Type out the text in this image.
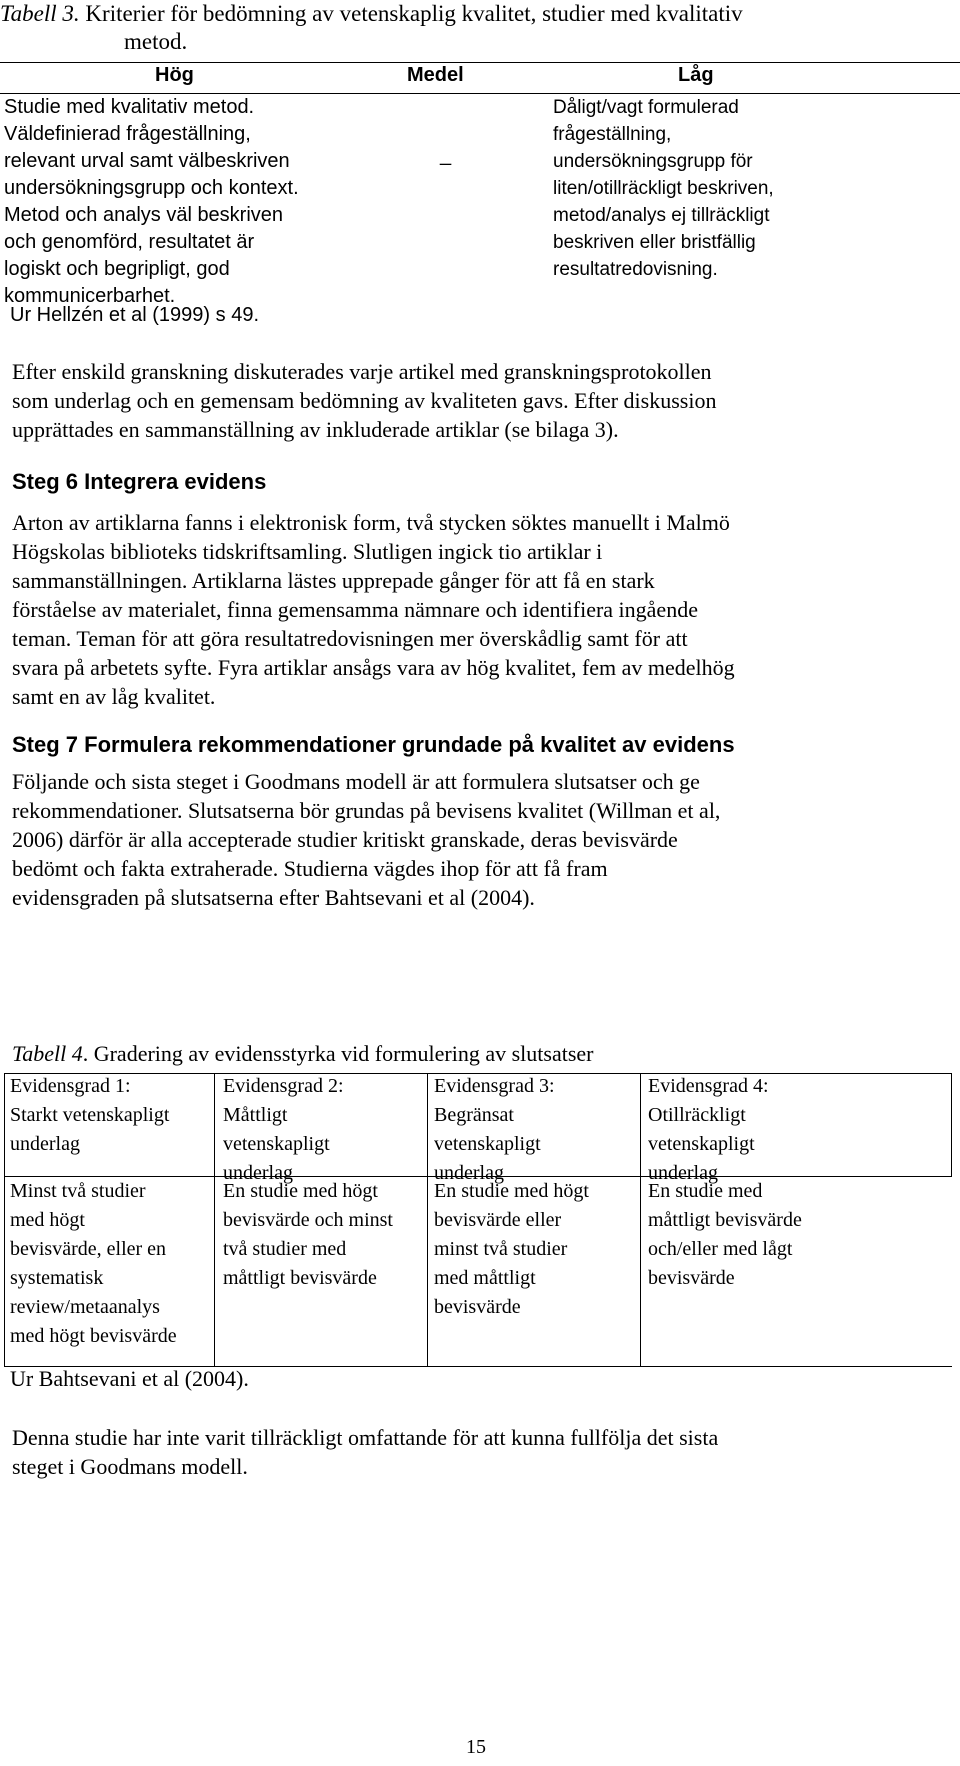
Tabell 3. Kriterier för bedömning av vetenskaplig kvalitet, studier med kvalitativ
metod.
Hög	Medel	Låg
Studie med kvalitativ metod.
Väldefinierad frågeställning,
relevant urval samt välbeskriven
undersökningsgrupp och kontext.
Metod och analys väl beskriven
och genomförd, resultatet är
logiskt och begripligt, god
kommunicerbarhet.
_
Dåligt/vagt formulerad
frågeställning,
undersökningsgrupp för
liten/otillräckligt beskriven,
metod/analys ej tillräckligt
beskriven eller bristfällig
resultatredovisning.
Ur Hellzén et al (1999) s 49.
Efter enskild granskning diskuterades varje artikel med granskningsprotokollen
som underlag och en gemensam bedömning av kvaliteten gavs. Efter diskussion
upprättades en sammanställning av inkluderade artiklar (se bilaga 3).
Steg 6 Integrera evidens
Arton av artiklarna fanns i elektronisk form, två stycken söktes manuellt i Malmö
Högskolas biblioteks tidskriftsamling. Slutligen ingick tio artiklar i
sammanställningen. Artiklarna lästes upprepade gånger för att få en stark
förståelse av materialet, finna gemensamma nämnare och identifiera ingående
teman. Teman för att göra resultatredovisningen mer överskådlig samt för att
svara på arbetets syfte. Fyra artiklar ansågs vara av hög kvalitet, fem av medelhög
samt en av låg kvalitet.
Steg 7 Formulera rekommendationer grundade på kvalitet av evidens
Följande och sista steget i Goodmans modell är att formulera slutsatser och ge
rekommendationer. Slutsatserna bör grundas på bevisens kvalitet (Willman et al,
2006) därför är alla accepterade studier kritiskt granskade, deras bevisvärde
bedömt och fakta extraherade. Studierna vägdes ihop för att få fram
evidensgraden på slutsatserna efter Bahtsevani et al (2004).
Tabell 4. Gradering av evidensstyrka vid formulering av slutsatser
Evidensgrad 1:
Starkt vetenskapligt
underlag
Evidensgrad 2:
Måttligt
vetenskapligt
underlag
Evidensgrad 3:
Begränsat
vetenskapligt
underlag
Evidensgrad 4:
Otillräckligt
vetenskapligt
underlag
Minst två studier
med högt
bevisvärde, eller en
systematisk
review/metaanalys
med högt bevisvärde
En studie med högt
bevisvärde och minst
två studier med
måttligt bevisvärde
En studie med högt
bevisvärde eller
minst två studier
med måttligt
bevisvärde
En studie med
måttligt bevisvärde
och/eller med lågt
bevisvärde
Ur Bahtsevani et al (2004).
Denna studie har inte varit tillräckligt omfattande för att kunna fullfölja det sista
steget i Goodmans modell.
15
